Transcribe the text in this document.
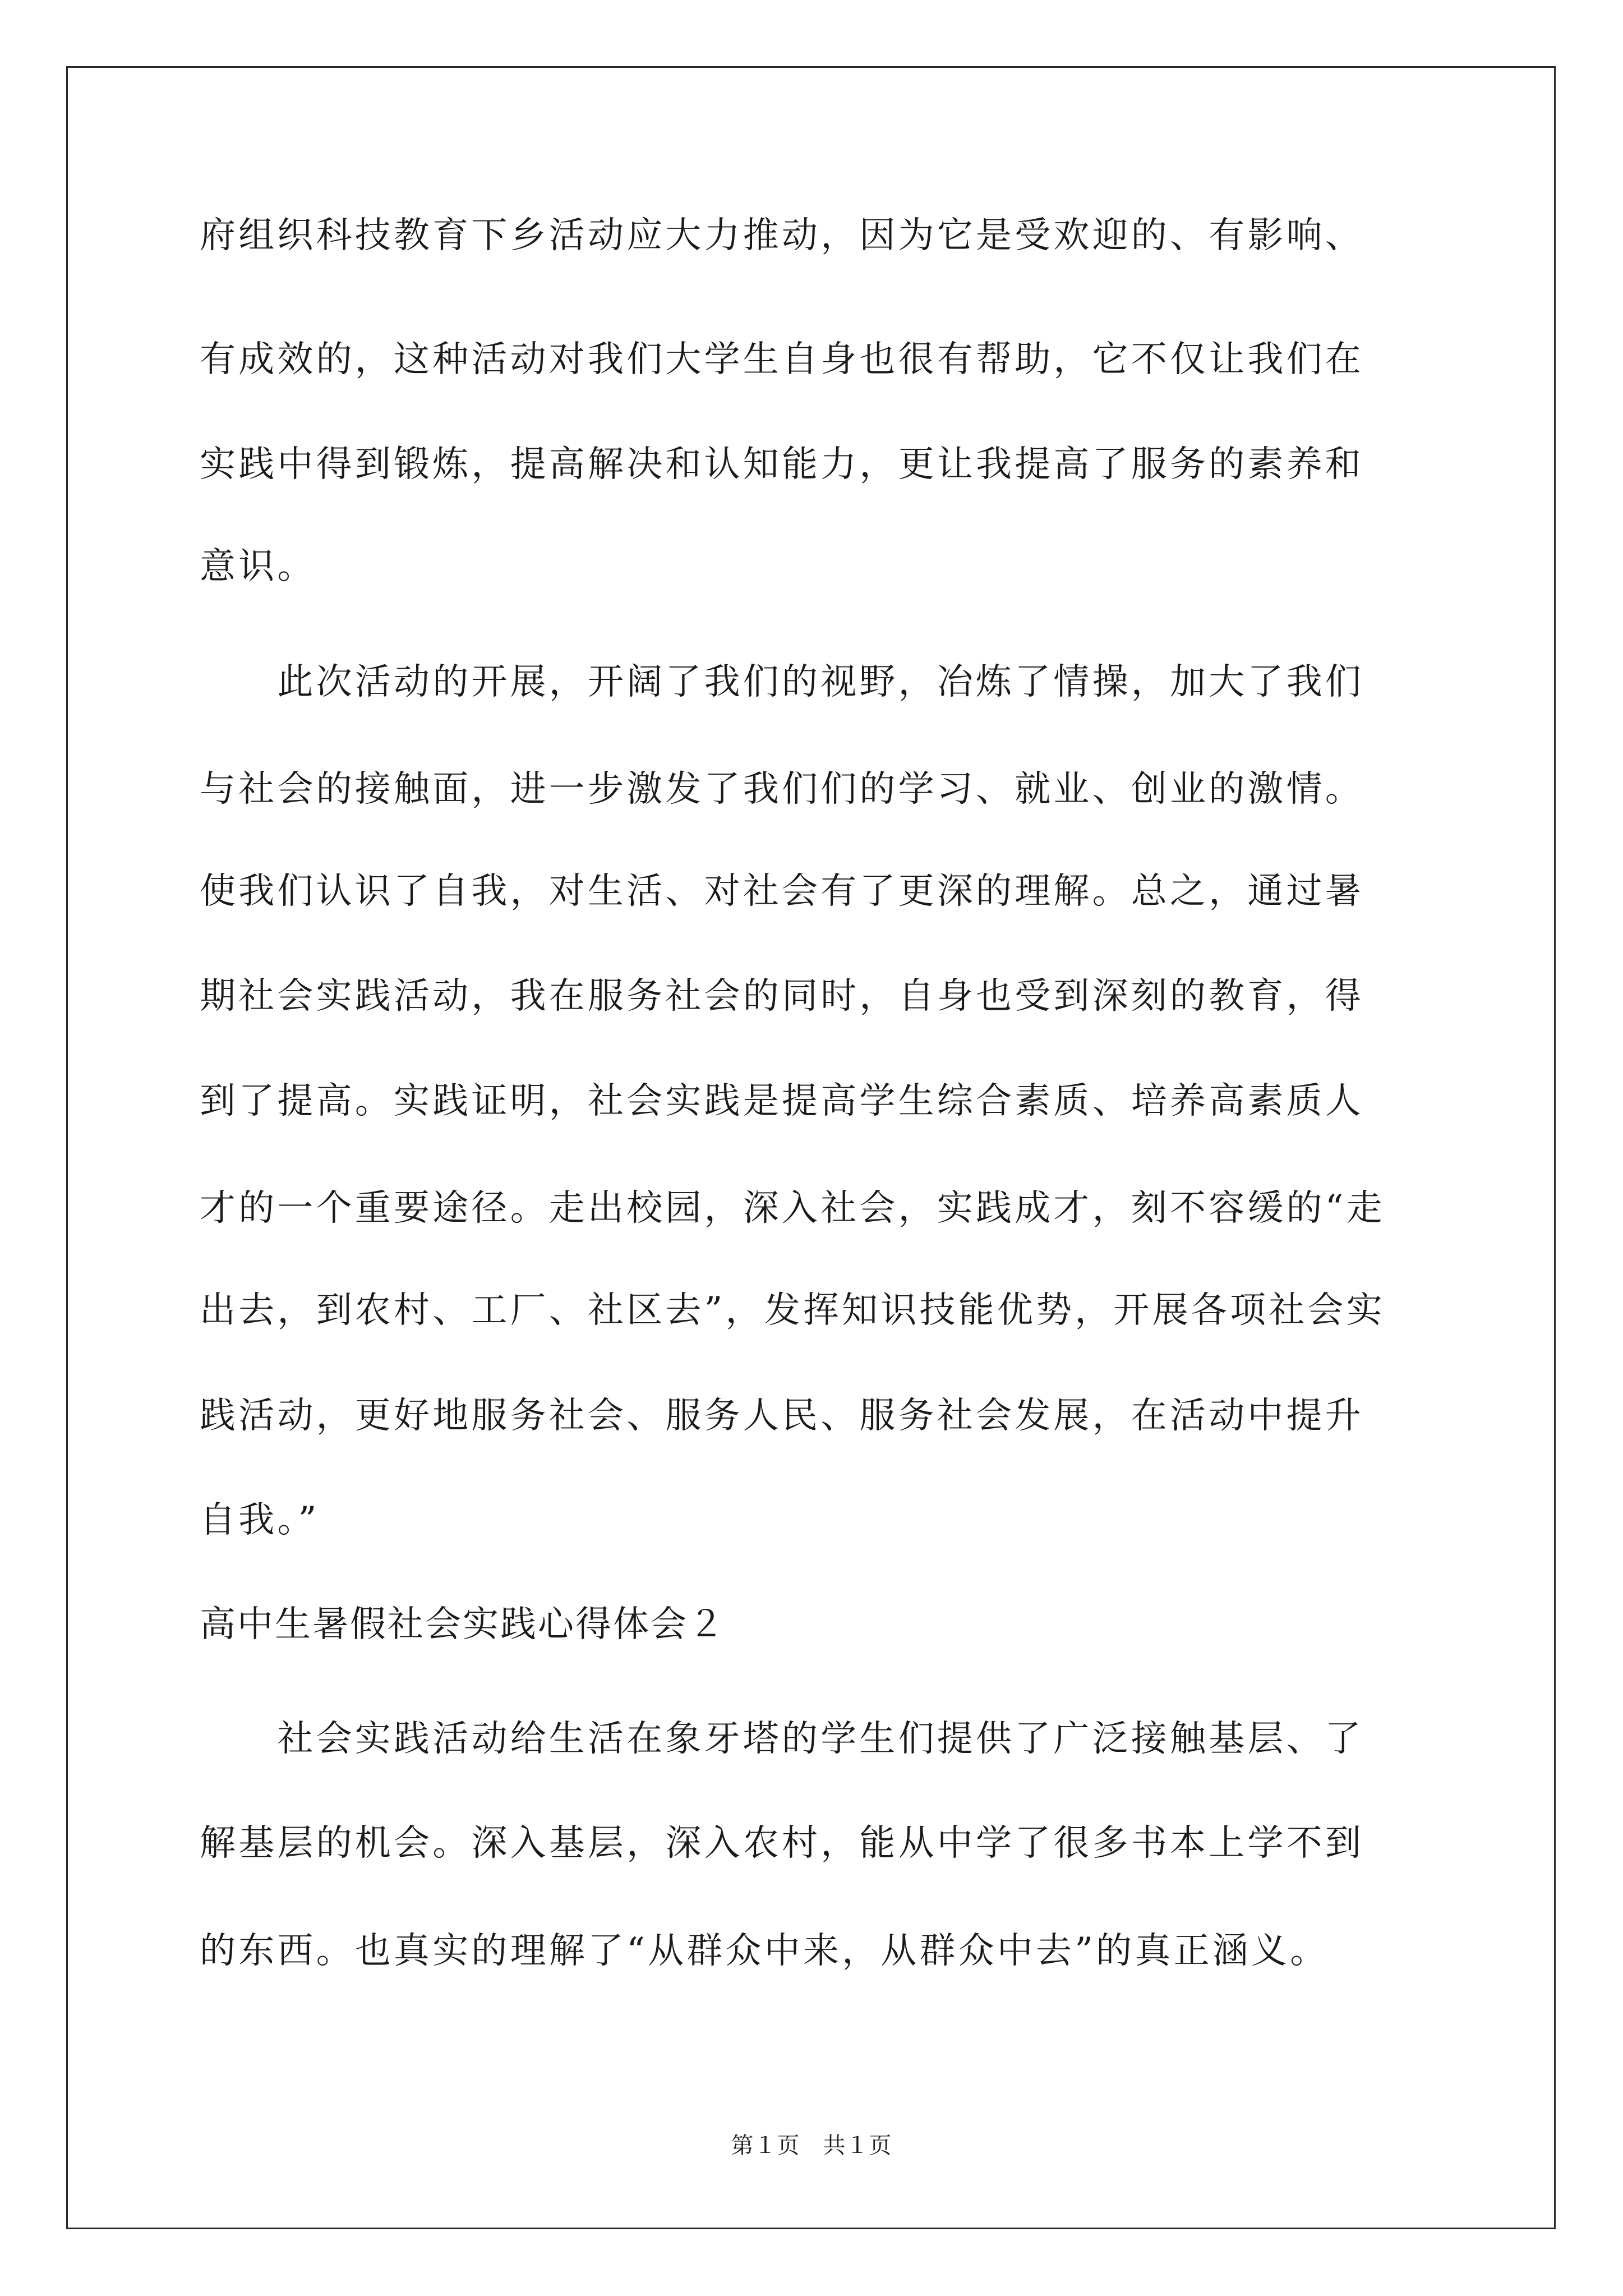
府组织科技教育下乡活动应大力推动，因为它是受欢迎的、有影响、
有成效的，这种活动对我们大学生自身也很有帮助，它不仅让我们在
实践中得到锻炼，提高解决和认知能力，更让我提高了服务的素养和
意识。
　　此次活动的开展，开阔了我们的视野，冶炼了情操，加大了我们
与社会的接触面，进一步激发了我们们的学习、就业、创业的激情。
使我们认识了自我，对生活、对社会有了更深的理解。总之，通过暑
期社会实践活动，我在服务社会的同时，自身也受到深刻的教育，得
到了提高。实践证明，社会实践是提高学生综合素质、培养高素质人
才的一个重要途径。走出校园，深入社会，实践成才，刻不容缓的“走
出去，到农村、工厂、社区去”，发挥知识技能优势，开展各项社会实
践活动，更好地服务社会、服务人民、服务社会发展，在活动中提升
自我。”
高中生暑假社会实践心得体会２
　　社会实践活动给生活在象牙塔的学生们提供了广泛接触基层、了
解基层的机会。深入基层，深入农村，能从中学了很多书本上学不到
的东西。也真实的理解了“从群众中来，从群众中去”的真正涵义。
第１页　共１页
